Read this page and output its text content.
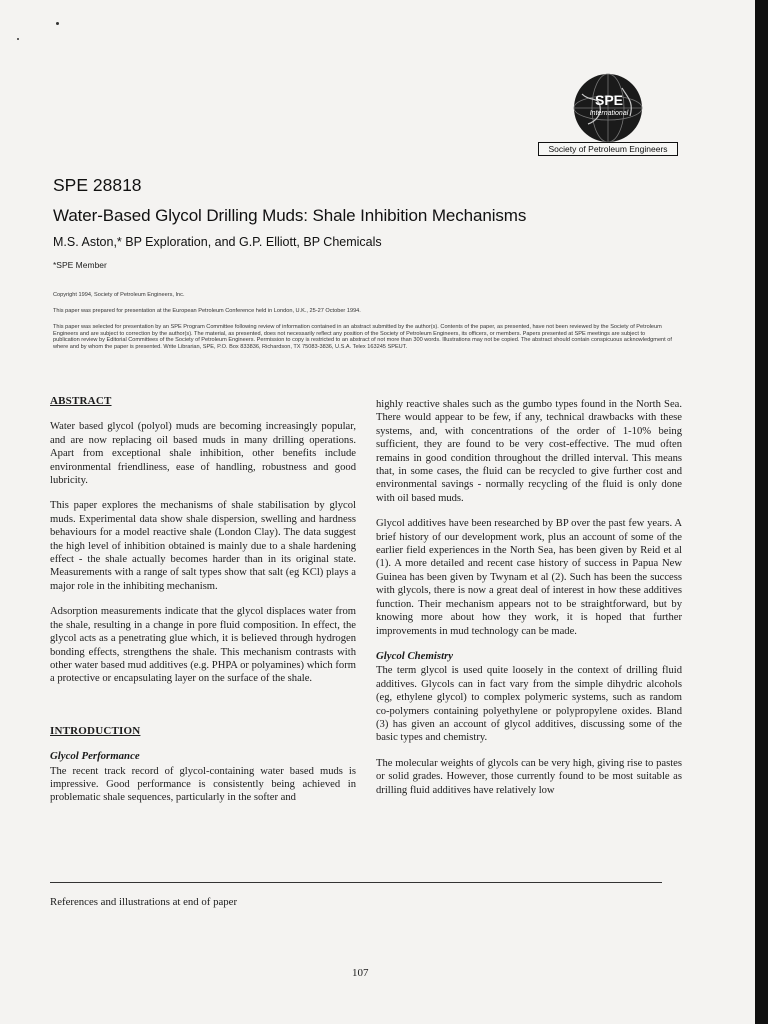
SPE
International
Society of Petroleum Engineers
SPE 28818
Water-Based Glycol Drilling Muds: Shale Inhibition Mechanisms
M.S. Aston,* BP Exploration, and G.P. Elliott, BP Chemicals
*SPE Member
Copyright 1994, Society of Petroleum Engineers, Inc.
This paper was prepared for presentation at the European Petroleum Conference held in London, U.K., 25-27 October 1994.
This paper was selected for presentation by an SPE Program Committee following review of information contained in an abstract submitted by the author(s). Contents of the paper, as presented, have not been reviewed by the Society of Petroleum Engineers and are subject to correction by the author(s). The material, as presented, does not necessarily reflect any position of the Society of Petroleum Engineers, its officers, or members. Papers presented at SPE meetings are subject to publication review by Editorial Committees of the Society of Petroleum Engineers. Permission to copy is restricted to an abstract of not more than 300 words. Illustrations may not be copied. The abstract should contain conspicuous acknowledgment of where and by whom the paper is presented. Write Librarian, SPE, P.O. Box 833836, Richardson, TX 75083-3836, U.S.A. Telex 163245 SPEUT.
ABSTRACT

Water based glycol (polyol) muds are becoming increasingly popular, and are now replacing oil based muds in many drilling operations. Apart from exceptional shale inhibition, other benefits include environmental friendliness, ease of handling, robustness and good lubricity.

This paper explores the mechanisms of shale stabilisation by glycol muds. Experimental data show shale dispersion, swelling and hardness behaviours for a model reactive shale (London Clay). The data suggest the high level of inhibition obtained is mainly due to a shale hardening effect - the shale actually becomes harder than in its original state. Measurements with a range of salt types show that salt (eg KCl) plays a major role in the inhibiting mechanism.

Adsorption measurements indicate that the glycol displaces water from the shale, resulting in a change in pore fluid composition. In effect, the glycol acts as a penetrating glue which, it is believed through hydrogen bonding effects, strengthens the shale. This mechanism contrasts with other water based mud additives (e.g. PHPA or polyamines) which form a protective or encapsulating layer on the surface of the shale.

INTRODUCTION
Glycol Performance

The recent track record of glycol-containing water based muds is impressive. Good performance is consistently being achieved in problematic shale sequences, particularly in the softer and

highly reactive shales such as the gumbo types found in the North Sea. There would appear to be few, if any, technical drawbacks with these systems, and, with concentrations of the order of 1-10% being sufficient, they are found to be very cost-effective. The mud often remains in good condition throughout the drilled interval. This means that, in some cases, the fluid can be recycled to give further cost and environmental savings - normally recycling of the fluid is only done with oil based muds.

Glycol additives have been researched by BP over the past few years. A brief history of our development work, plus an account of some of the earlier field experiences in the North Sea, has been given by Reid et al (1). A more detailed and recent case history of success in Papua New Guinea has been given by Twynam et al (2). Such has been the success with glycols, there is now a great deal of interest in how these additives function. Their mechanism appears not to be straightforward, but by knowing more about how they work, it is hoped that further improvements in mud technology can be made.

Glycol Chemistry

The term glycol is used quite loosely in the context of drilling fluid additives. Glycols can in fact vary from the simple dihydric alcohols (eg, ethylene glycol) to complex polymeric systems, such as random co-polymers containing polyethylene or polypropylene oxides. Bland (3) has given an account of glycol additives, discussing some of the basic types and chemistry.

The molecular weights of glycols can be very high, giving rise to pastes or solid grades. However, those currently found to be most suitable as drilling fluid additives have relatively low

References and illustrations at end of paper
107
